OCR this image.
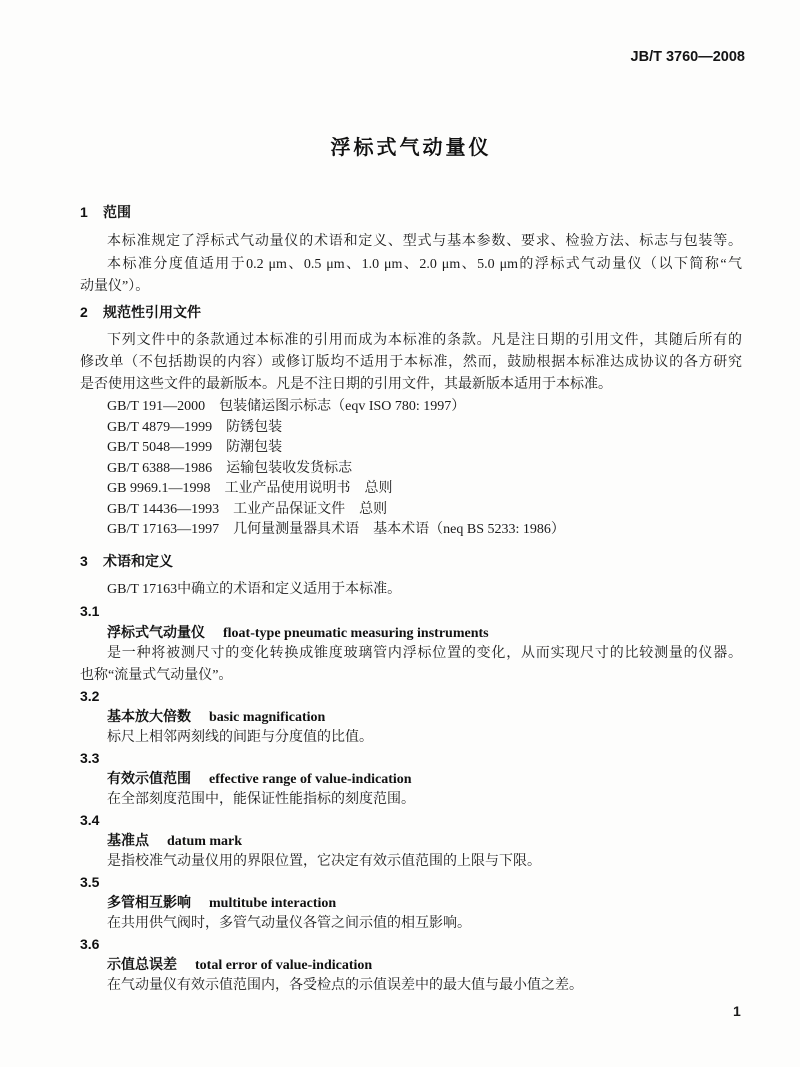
JB/T 3760—2008
浮标式气动量仪
1 范围
本标准规定了浮标式气动量仪的术语和定义、型式与基本参数、要求、检验方法、标志与包装等。
本标准分度值适用于0.2 μm、0.5 μm、1.0 μm、2.0 μm、5.0 μm的浮标式气动量仪（以下简称“气
动量仪”）。
2 规范性引用文件
下列文件中的条款通过本标准的引用而成为本标准的条款。凡是注日期的引用文件，其随后所有的
修改单（不包括勘误的内容）或修订版均不适用于本标准，然而，鼓励根据本标准达成协议的各方研究
是否使用这些文件的最新版本。凡是不注日期的引用文件，其最新版本适用于本标准。
GB/T 191—2000 包装储运图示标志（eqv ISO 780: 1997）
GB/T 4879—1999 防锈包装
GB/T 5048—1999 防潮包装
GB/T 6388—1986 运输包装收发货标志
GB 9969.1—1998 工业产品使用说明书　总则
GB/T 14436—1993 工业产品保证文件　总则
GB/T 17163—1997 几何量测量器具术语　基本术语（neq BS 5233: 1986）
3 术语和定义
GB/T 17163中确立的术语和定义适用于本标准。
3.1
浮标式气动量仪 float-type pneumatic measuring instruments
是一种将被测尺寸的变化转换成锥度玻璃管内浮标位置的变化，从而实现尺寸的比较测量的仪器。
也称“流量式气动量仪”。
3.2
基本放大倍数 basic magnification
标尺上相邻两刻线的间距与分度值的比值。
3.3
有效示值范围 effective range of value-indication
在全部刻度范围中，能保证性能指标的刻度范围。
3.4
基准点 datum mark
是指校准气动量仪用的界限位置，它决定有效示值范围的上限与下限。
3.5
多管相互影响 multitube interaction
在共用供气阀时，多管气动量仪各管之间示值的相互影响。
3.6
示值总误差 total error of value-indication
在气动量仪有效示值范围内，各受检点的示值误差中的最大值与最小值之差。
1
